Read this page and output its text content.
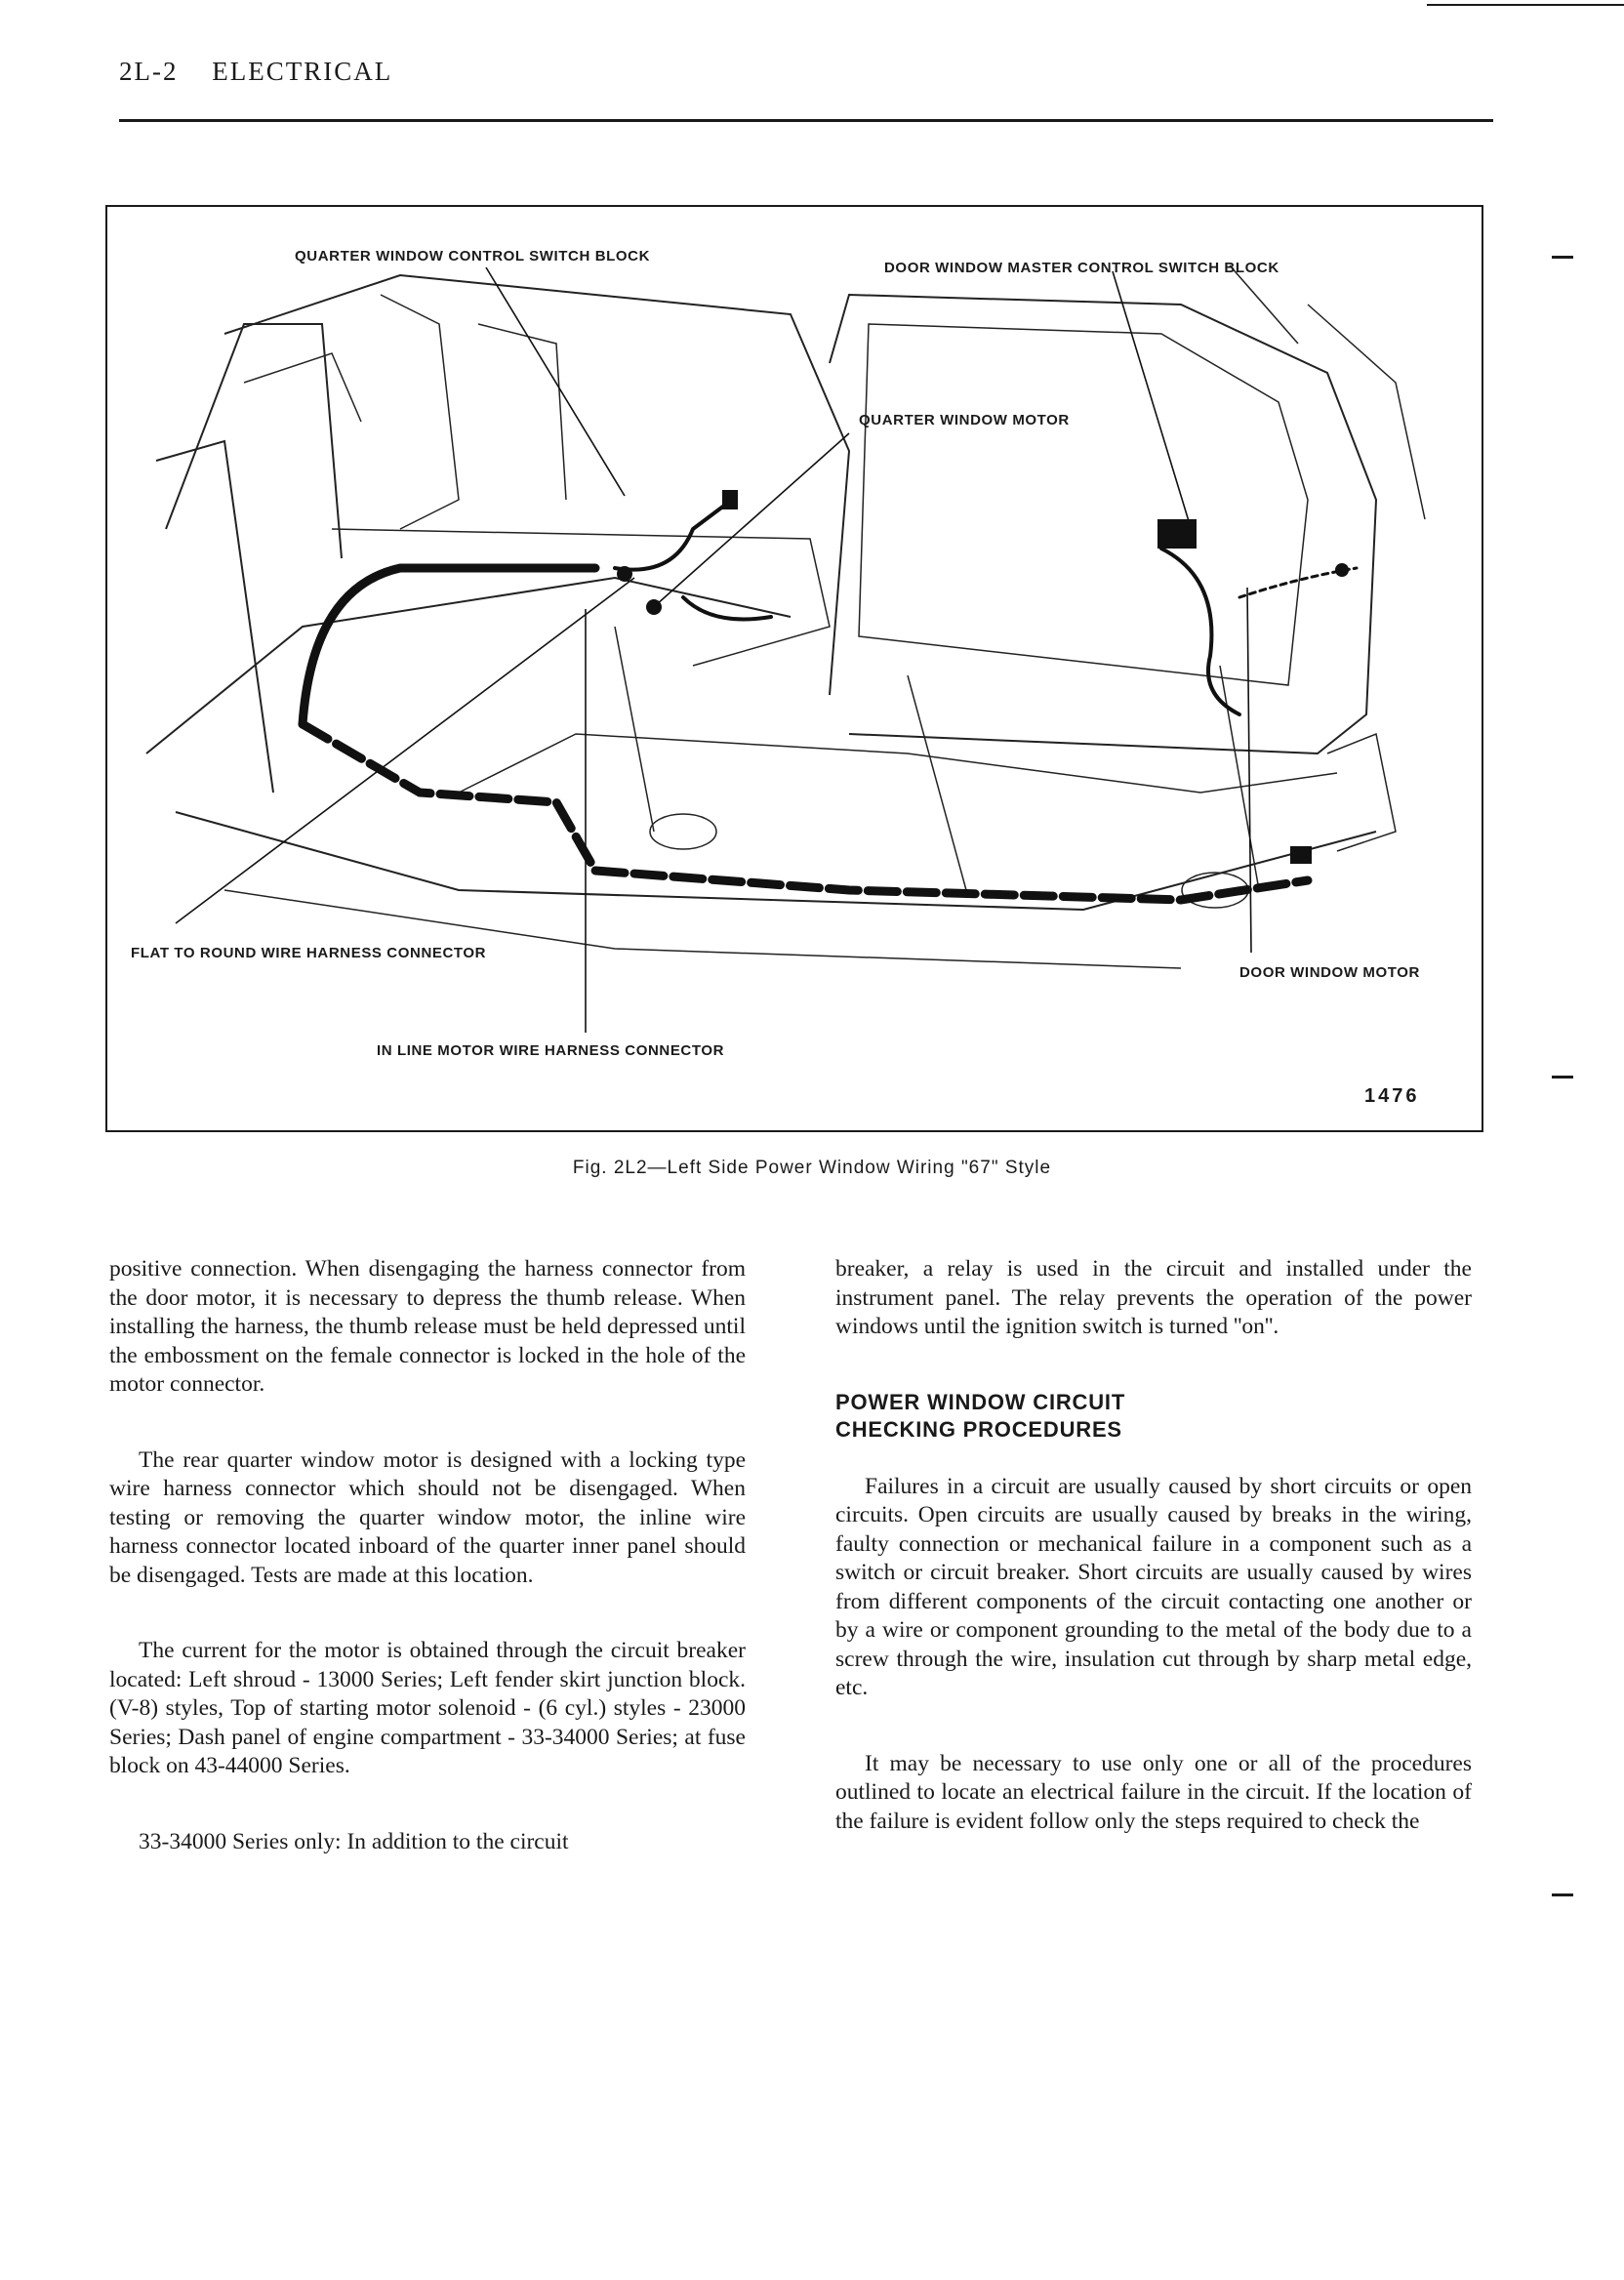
2L-2 ELECTRICAL
QUARTER WINDOW CONTROL SWITCH BLOCK
DOOR WINDOW MASTER CONTROL SWITCH BLOCK
QUARTER WINDOW MOTOR
FLAT TO ROUND WIRE HARNESS CONNECTOR
DOOR WINDOW MOTOR
IN LINE MOTOR WIRE HARNESS CONNECTOR
1476
Fig. 2L2—Left Side Power Window Wiring "67" Style

positive connection. When disengaging the harness connector from the door motor, it is necessary to depress the thumb release. When installing the harness, the thumb release must be held depressed until the embossment on the female connector is locked in the hole of the motor connector.

The rear quarter window motor is designed with a locking type wire harness connector which should not be disengaged. When testing or removing the quarter window motor, the inline wire harness connector located inboard of the quarter inner panel should be disengaged. Tests are made at this location.

The current for the motor is obtained through the circuit breaker located: Left shroud - 13000 Series; Left fender skirt junction block. (V-8) styles, Top of starting motor solenoid - (6 cyl.) styles - 23000 Series; Dash panel of engine compartment - 33-34000 Series; at fuse block on 43-44000 Series.

33-34000 Series only: In addition to the circuit

breaker, a relay is used in the circuit and installed under the instrument panel. The relay prevents the operation of the power windows until the ignition switch is turned ''on''.

POWER WINDOW CIRCUIT
CHECKING PROCEDURES

Failures in a circuit are usually caused by short circuits or open circuits. Open circuits are usually caused by breaks in the wiring, faulty connection or mechanical failure in a component such as a switch or circuit breaker. Short circuits are usually caused by wires from different components of the circuit contacting one another or by a wire or component grounding to the metal of the body due to a screw through the wire, insulation cut through by sharp metal edge, etc.

It may be necessary to use only one or all of the procedures outlined to locate an electrical failure in the circuit. If the location of the failure is evident follow only the steps required to check the
